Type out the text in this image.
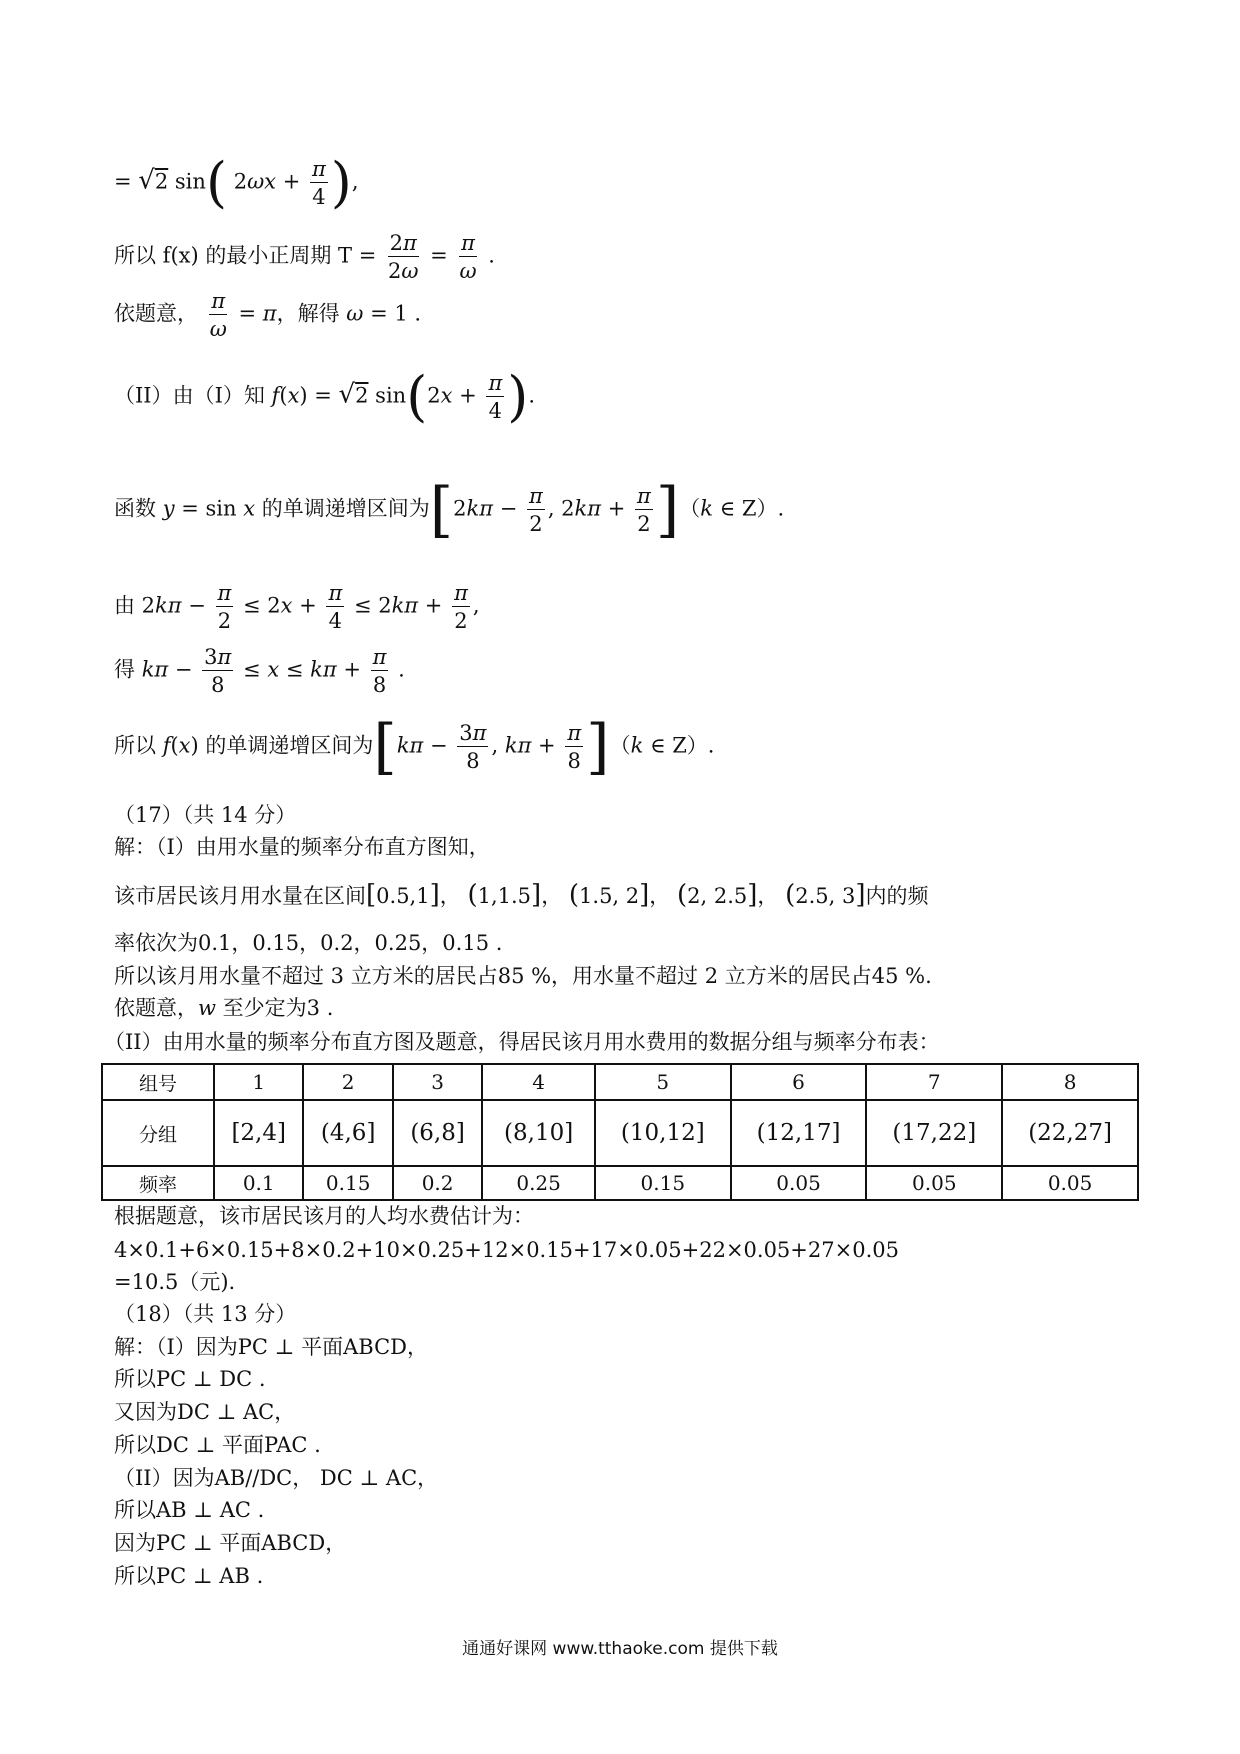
= √2 sin( $2\omega x + \frac{\pi}{4}$ ),
所以 f(x) 的最小正周期 $T = \frac{2\pi}{2\omega} = \frac{\pi}{\omega}$ .
依题意， $\frac{\pi}{\omega} = \pi$，解得 ω = 1 .
（II）由（I）知 f(x) = √2 $\sin(2x + \frac{\pi}{4}$ ).
函数 y = sin x 的单调递增区间为[$2k\pi - \frac{\pi}{2}$ , $2k\pi + \frac{\pi}{2} ](k$ ∈ Z）.
由 $2k\pi - \frac{\pi}{2} \le 2x + \frac{\pi}{4} \le 2k\pi + \frac{\pi}{2}$ ,
得 $k\pi - \frac{3\pi}{8} \le x \le k\pi + \frac{\pi}{8}$ .
所以 f(x) 的单调递增区间为[$k\pi - \frac{3\pi}{8}$ , $k\pi + \frac{\pi}{8} ](k$ ∈ Z）.
（17）（共 14 分）
解：（I）由用水量的频率分布直方图知，
该市居民该月用水量在区间[0.5,1]， (1,1.5]， (1.5, 2]， (2, 2.5]， (2.5, 3]内的频
率依次为0.1，0.15，0.2，0.25，0.15 .
所以该月用水量不超过 3 立方米的居民占85 %，用水量不超过 2 立方米的居民占45 %.
依题意，w 至少定为3 .
（II）由用水量的频率分布直方图及题意，得居民该月用水费用的数据分组与频率分布表：
组号	1	2	3	4	5	6	7	8
分组	[2,4]	(4,6]	(6,8]	(8,10]	(10,12]	(12,17]	(17,22]	(22,27]
频率	0.1	0.15	0.2	0.25	0.15	0.05	0.05	0.05
根据题意，该市居民该月的人均水费估计为：
4×0.1+6×0.15+8×0.2+10×0.25+12×0.15+17×0.05+22×0.05+27×0.05
=10.5（元).
（18）（共 13 分）
解：（I）因为PC ⊥ 平面ABCD，
所以PC ⊥ DC .
又因为DC ⊥ AC，
所以DC ⊥ 平面PAC .
（II）因为AB//DC， DC ⊥ AC，
所以AB ⊥ AC .
因为PC ⊥ 平面ABCD，
所以PC ⊥ AB .
通通好课网 www.tthaoke.com 提供下载
